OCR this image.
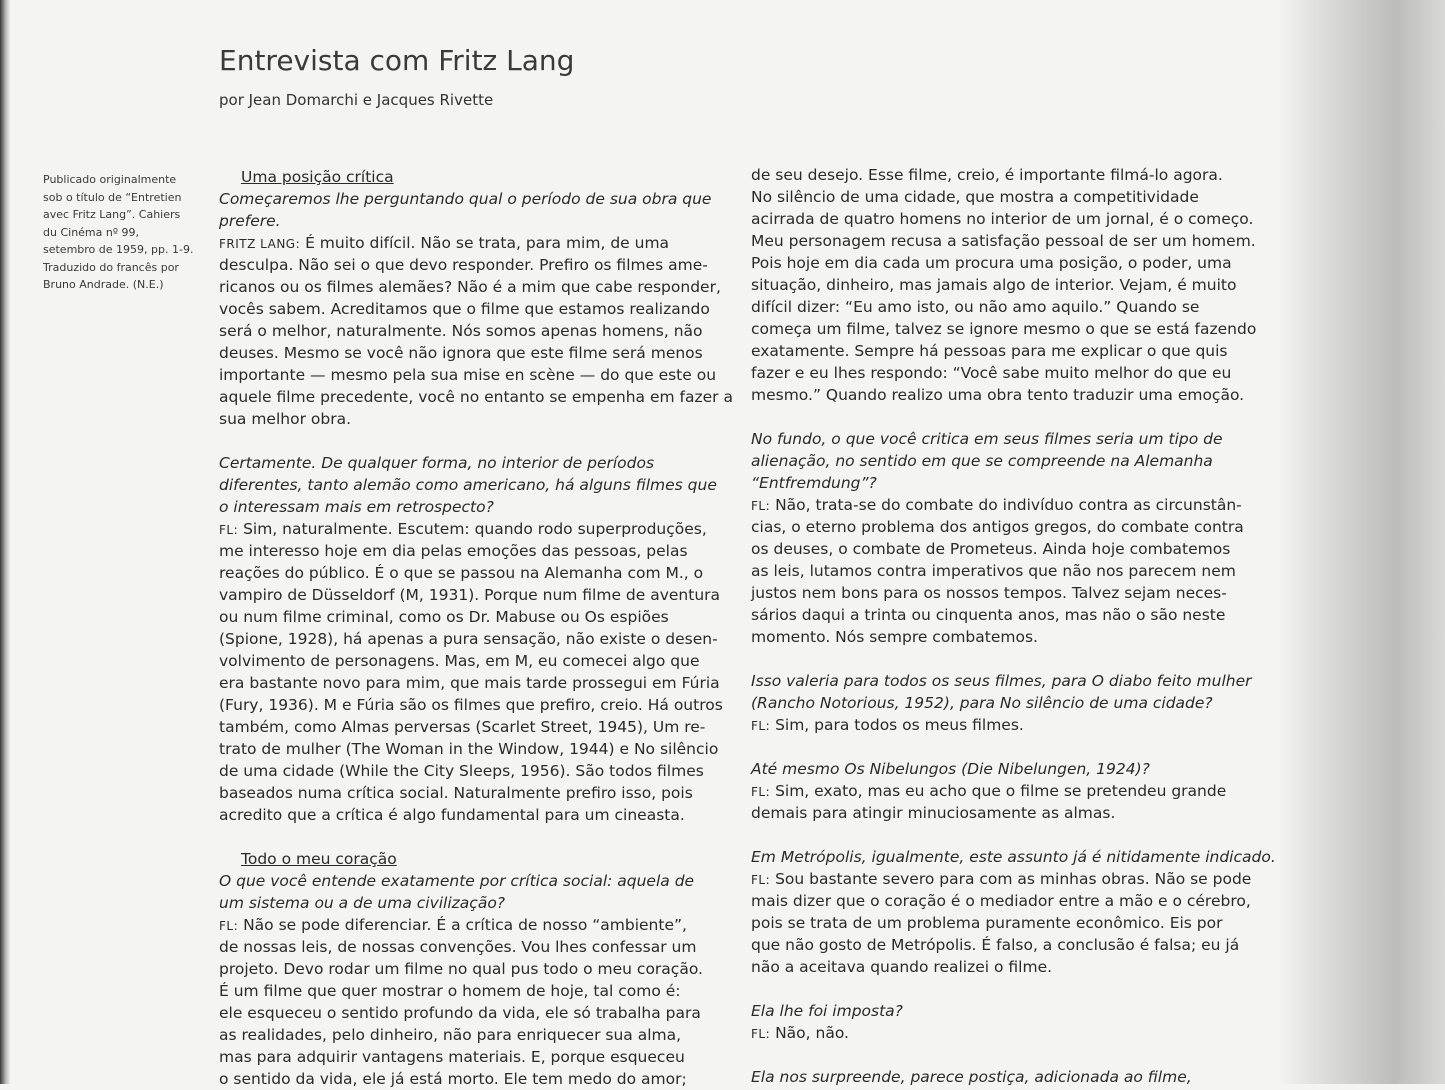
Entrevista com Fritz Lang
por Jean Domarchi e Jacques Rivette
Publicado originalmente
sob o título de “Entretien
avec Fritz Lang”. Cahiers
du Cinéma nº 99,
setembro de 1959, pp. 1-9.
Traduzido do francês por
Bruno Andrade. (N.E.)
Uma posição crítica
Começaremos lhe perguntando qual o período de sua obra que
prefere.
FRITZ LANG: É muito difícil. Não se trata, para mim, de uma
desculpa. Não sei o que devo responder. Prefiro os filmes ame-
ricanos ou os filmes alemães? Não é a mim que cabe responder,
vocês sabem. Acreditamos que o filme que estamos realizando
será o melhor, naturalmente. Nós somos apenas homens, não
deuses. Mesmo se você não ignora que este filme será menos
importante — mesmo pela sua mise en scène — do que este ou
aquele filme precedente, você no entanto se empenha em fazer a
sua melhor obra.
Certamente. De qualquer forma, no interior de períodos
diferentes, tanto alemão como americano, há alguns filmes que
o interessam mais em retrospecto?
FL: Sim, naturalmente. Escutem: quando rodo superproduções,
me interesso hoje em dia pelas emoções das pessoas, pelas
reações do público. É o que se passou na Alemanha com M., o
vampiro de Düsseldorf (M, 1931). Porque num filme de aventura
ou num filme criminal, como os Dr. Mabuse ou Os espiões
(Spione, 1928), há apenas a pura sensação, não existe o desen-
volvimento de personagens. Mas, em M, eu comecei algo que
era bastante novo para mim, que mais tarde prossegui em Fúria
(Fury, 1936). M e Fúria são os filmes que prefiro, creio. Há outros
também, como Almas perversas (Scarlet Street, 1945), Um re-
trato de mulher (The Woman in the Window, 1944) e No silêncio
de uma cidade (While the City Sleeps, 1956). São todos filmes
baseados numa crítica social. Naturalmente prefiro isso, pois
acredito que a crítica é algo fundamental para um cineasta.
Todo o meu coração
O que você entende exatamente por crítica social: aquela de
um sistema ou a de uma civilização?
FL: Não se pode diferenciar. É a crítica de nosso “ambiente”,
de nossas leis, de nossas convenções. Vou lhes confessar um
projeto. Devo rodar um filme no qual pus todo o meu coração.
É um filme que quer mostrar o homem de hoje, tal como é:
ele esqueceu o sentido profundo da vida, ele só trabalha para
as realidades, pelo dinheiro, não para enriquecer sua alma,
mas para adquirir vantagens materiais. E, porque esqueceu
o sentido da vida, ele já está morto. Ele tem medo do amor;
de seu desejo. Esse filme, creio, é importante filmá-lo agora.
No silêncio de uma cidade, que mostra a competitividade
acirrada de quatro homens no interior de um jornal, é o começo.
Meu personagem recusa a satisfação pessoal de ser um homem.
Pois hoje em dia cada um procura uma posição, o poder, uma
situação, dinheiro, mas jamais algo de interior. Vejam, é muito
difícil dizer: “Eu amo isto, ou não amo aquilo.” Quando se
começa um filme, talvez se ignore mesmo o que se está fazendo
exatamente. Sempre há pessoas para me explicar o que quis
fazer e eu lhes respondo: “Você sabe muito melhor do que eu
mesmo.” Quando realizo uma obra tento traduzir uma emoção.
No fundo, o que você critica em seus filmes seria um tipo de
alienação, no sentido em que se compreende na Alemanha
“Entfremdung”?
FL: Não, trata-se do combate do indivíduo contra as circunstân-
cias, o eterno problema dos antigos gregos, do combate contra
os deuses, o combate de Prometeus. Ainda hoje combatemos
as leis, lutamos contra imperativos que não nos parecem nem
justos nem bons para os nossos tempos. Talvez sejam neces-
sários daqui a trinta ou cinquenta anos, mas não o são neste
momento. Nós sempre combatemos.
Isso valeria para todos os seus filmes, para O diabo feito mulher
(Rancho Notorious, 1952), para No silêncio de uma cidade?
FL: Sim, para todos os meus filmes.
Até mesmo Os Nibelungos (Die Nibelungen, 1924)?
FL: Sim, exato, mas eu acho que o filme se pretendeu grande
demais para atingir minuciosamente as almas.
Em Metrópolis, igualmente, este assunto já é nitidamente indicado.
FL: Sou bastante severo para com as minhas obras. Não se pode
mais dizer que o coração é o mediador entre a mão e o cérebro,
pois se trata de um problema puramente econômico. Eis por
que não gosto de Metrópolis. É falso, a conclusão é falsa; eu já
não a aceitava quando realizei o filme.
Ela lhe foi imposta?
FL: Não, não.
Ela nos surpreende, parece postiça, adicionada ao filme,
